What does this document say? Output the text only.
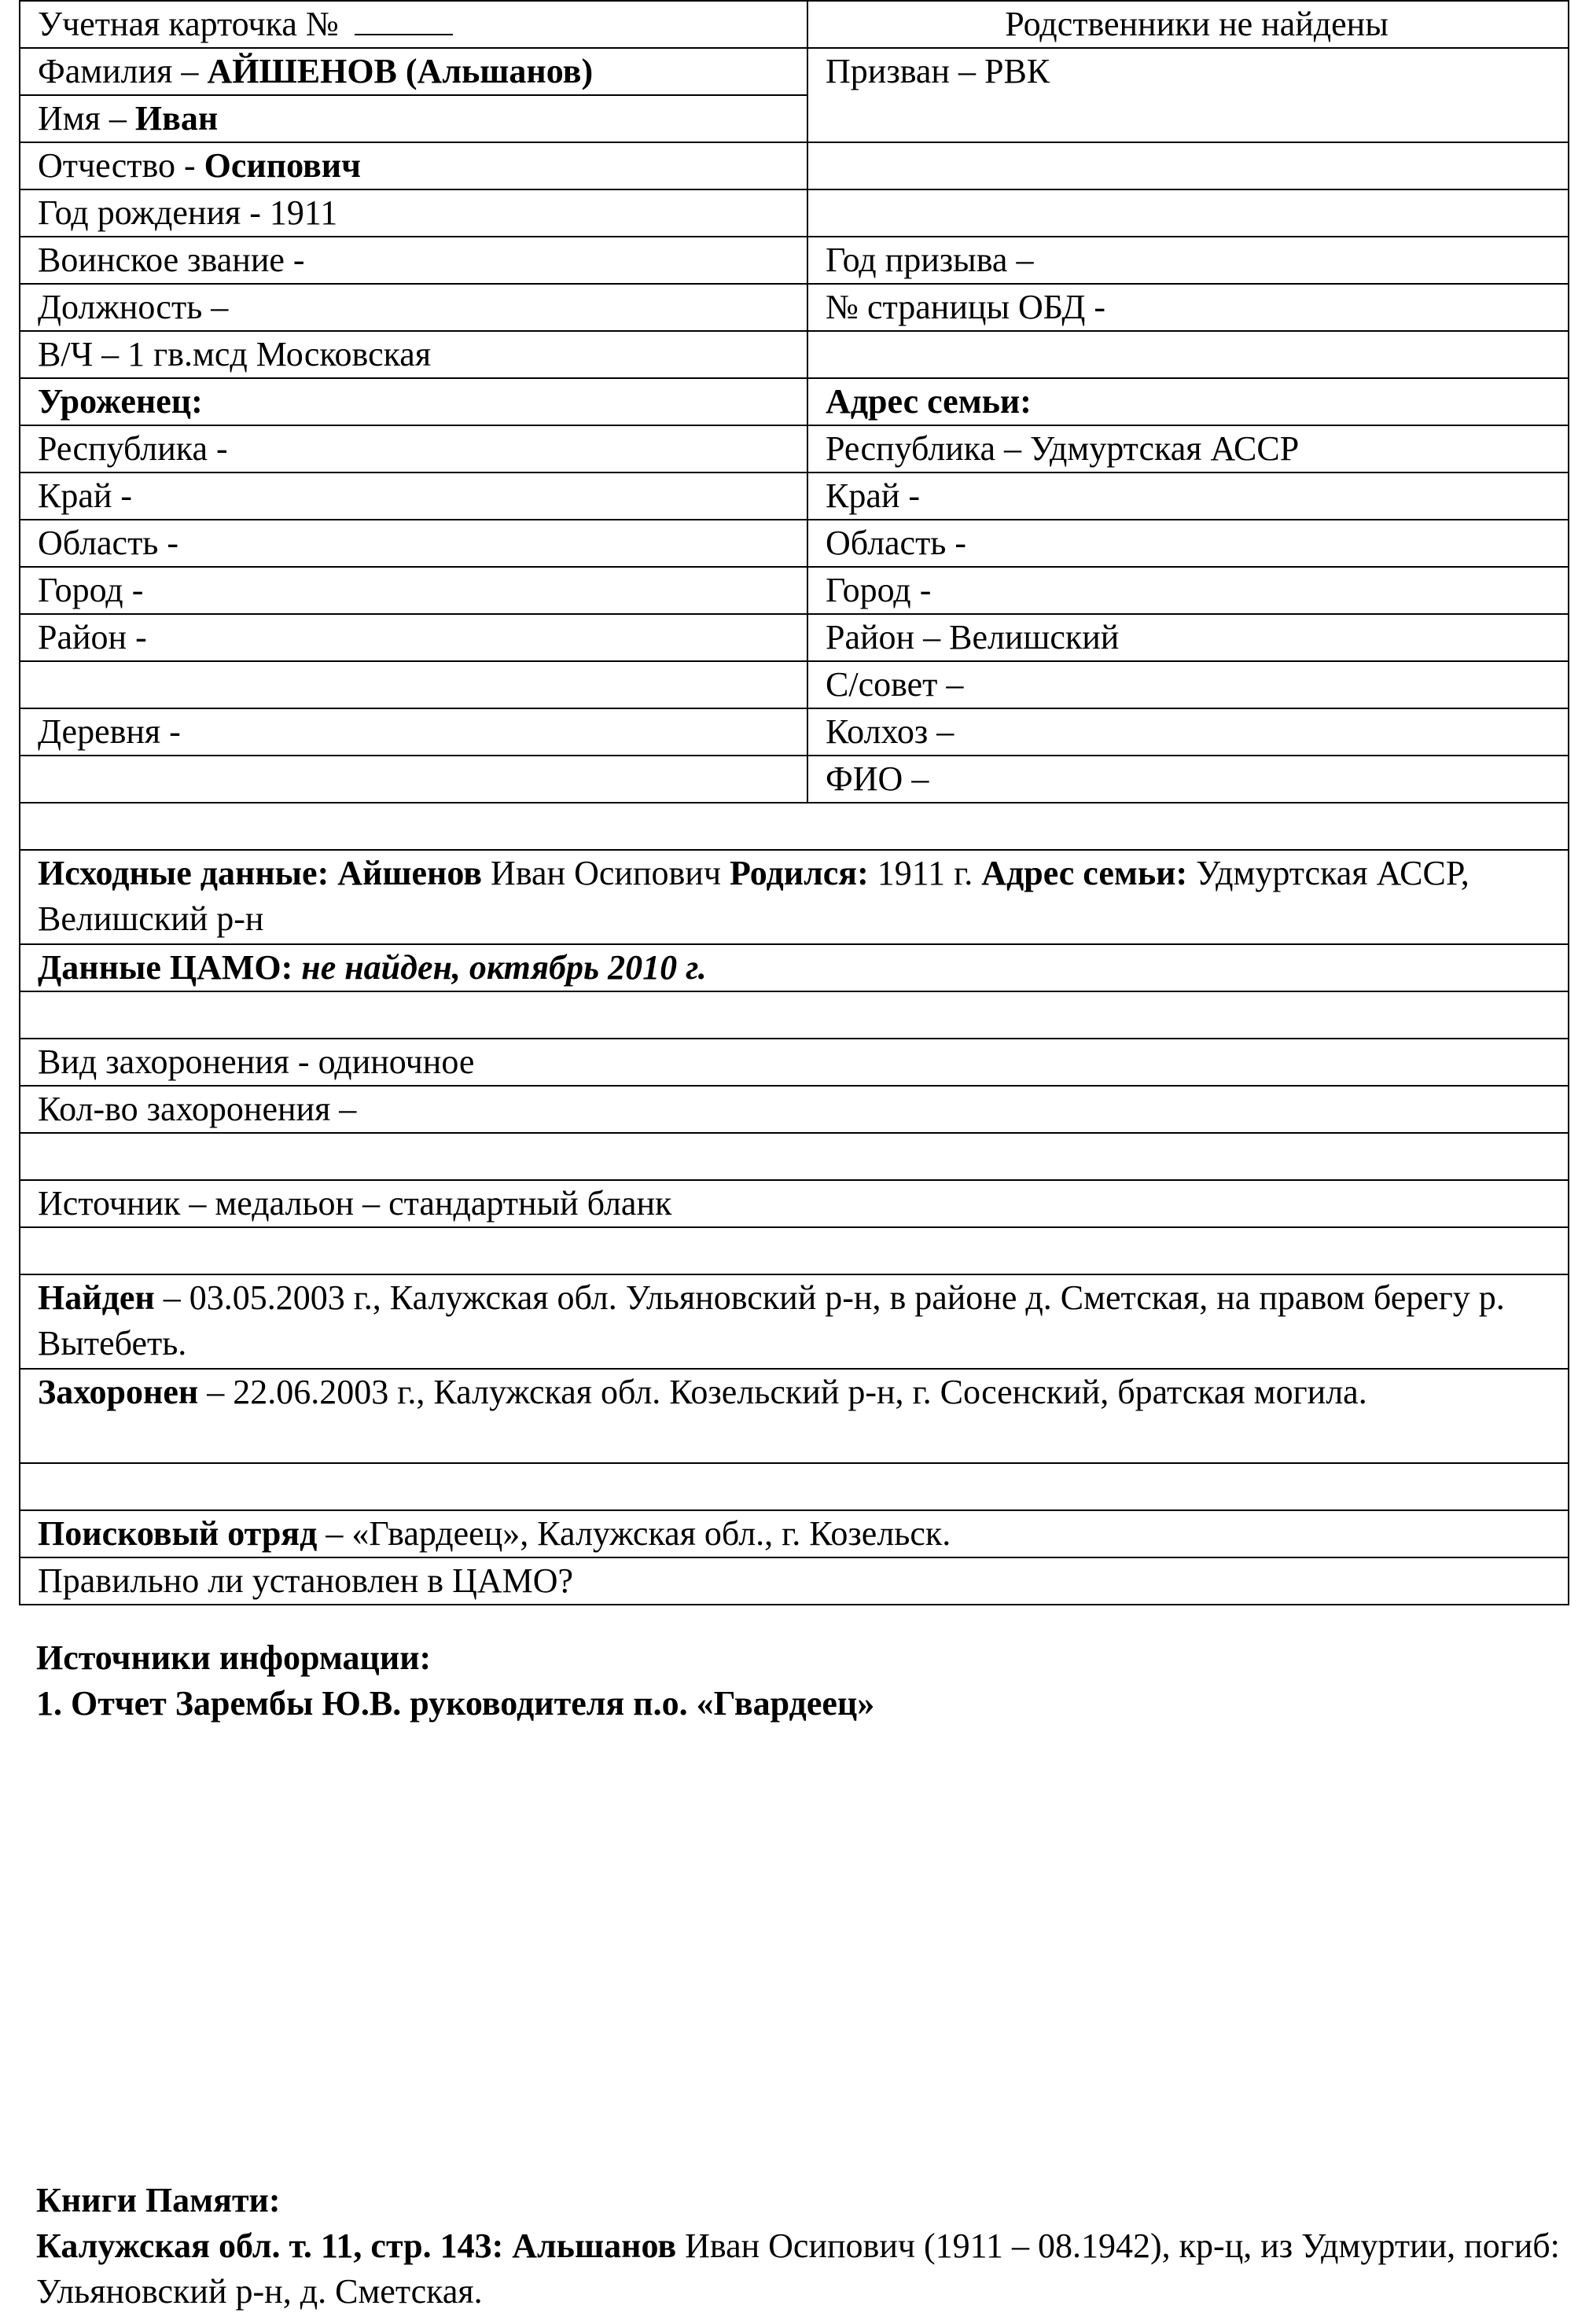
Учетная карточка №	Родственники не найдены
Фамилия – АЙШЕНОВ (Альшанов)	Призван – РВК
Имя – Иван	
Отчество - Осипович	
Год рождения - 1911	
Воинское звание -	Год призыва –
Должность –	№ страницы ОБД -
В/Ч – 1 гв.мсд Московская	
Уроженец:	Адрес семьи:
Республика -	Республика – Удмуртская АССР
Край -	Край -
Область -	Область -
Город -	Город -
Район -	Район – Велишский
	С/совет –
Деревня -	Колхоз –
	ФИО –

Исходные данные: Айшенов Иван Осипович Родился: 1911 г. Адрес семьи: Удмуртская АССР, Велишский р-н	
Данные ЦАМО: не найден, октябрь 2010 г.	

Вид захоронения - одиночное	
Кол-во захоронения –	

Источник – медальон – стандартный бланк	

Найден – 03.05.2003 г., Калужская обл. Ульяновский р-н, в районе д. Сметская, на правом берегу р. Вытебеть.	
Захоронен – 22.06.2003 г., Калужская обл. Козельский р-н, г. Сосенский, братская могила.	

Поисковый отряд – «Гвардеец», Калужская обл., г. Козельск.	
Правильно ли установлен в ЦАМО?	

Источники информации:

1. Отчет Зарембы Ю.В. руководителя п.о. «Гвардеец»

Книги Памяти:

Калужская обл. т. 11, стр. 143: Альшанов Иван Осипович (1911 – 08.1942), кр-ц, из Удмуртии, погиб: Ульяновский р-н, д. Сметская.
